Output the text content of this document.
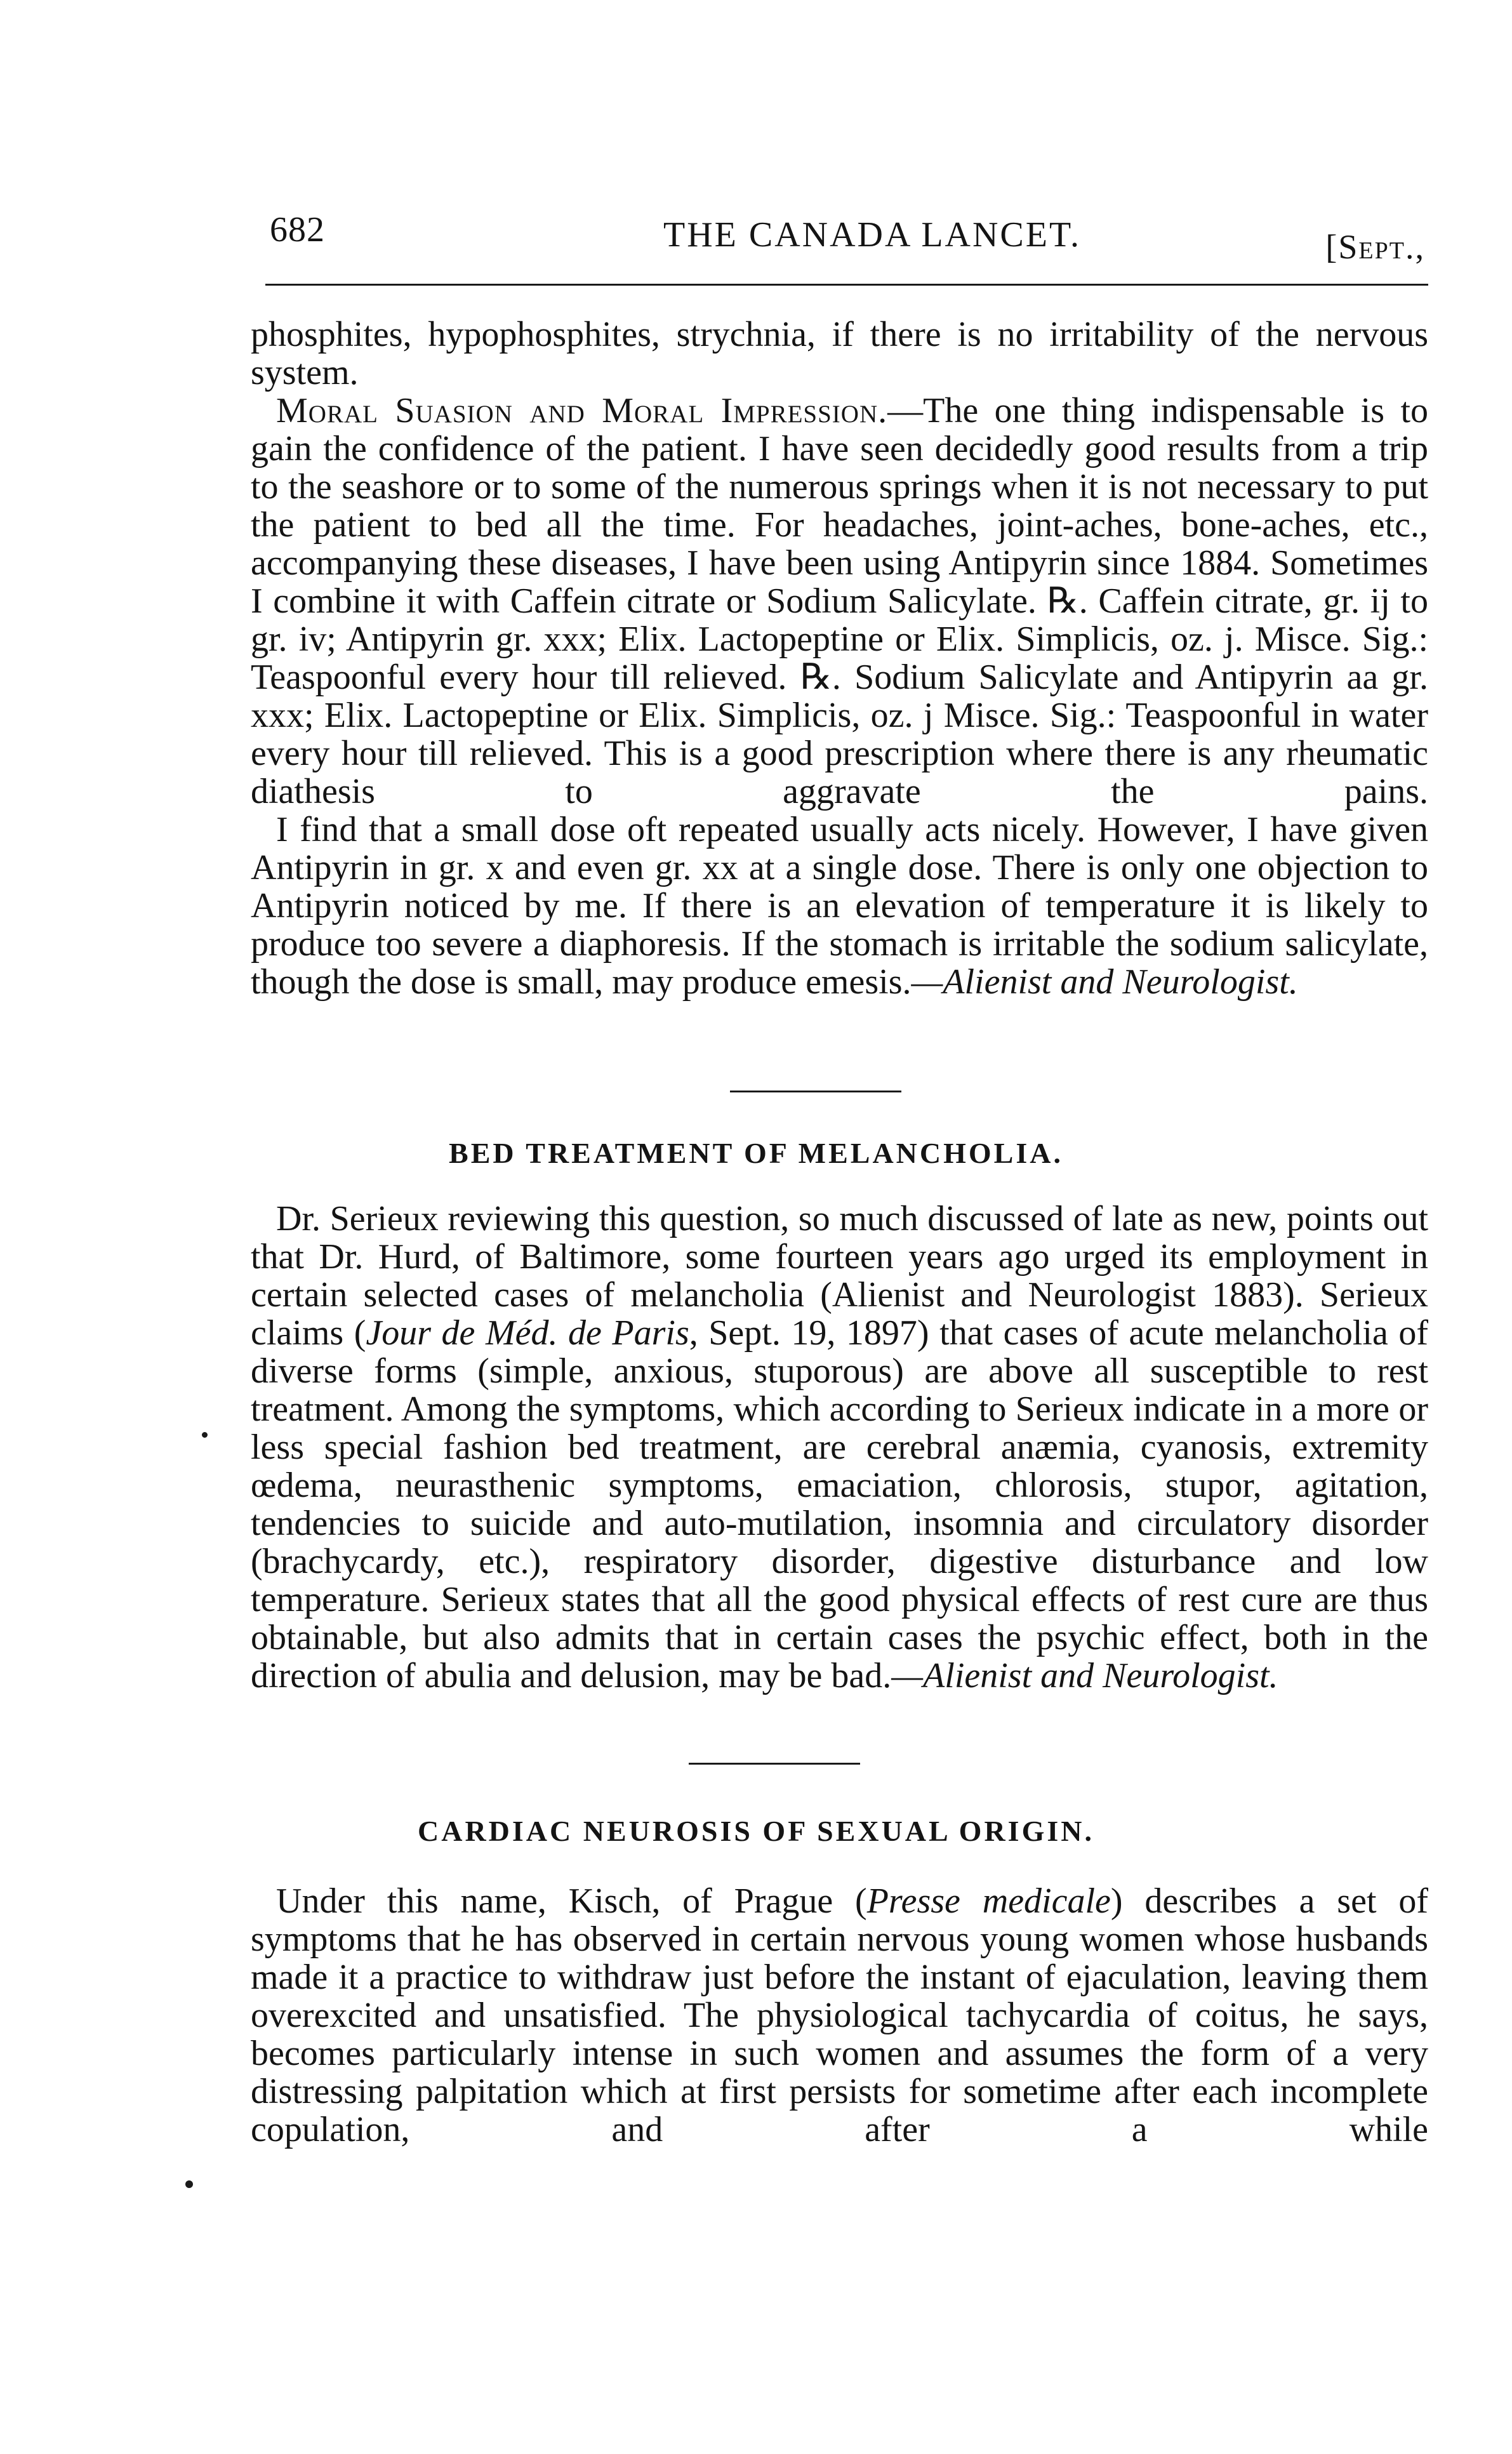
682	THE CANADA LANCET.	[Sept.,

phosphites, hypophosphites, strychnia, if there is no irritability of the nervous system.

Moral Suasion and Moral Impression.—The one thing indispensable is to gain the confidence of the patient. I have seen decidedly good results from a trip to the seashore or to some of the numerous springs when it is not necessary to put the patient to bed all the time. For headaches, joint-aches, bone-aches, etc., accompanying these diseases, I have been using Antipyrin since 1884. Sometimes I combine it with Caffein citrate or Sodium Salicylate. ℞. Caffein citrate, gr. ij to gr. iv; Antipyrin gr. xxx; Elix. Lactopeptine or Elix. Simplicis, oz. j. Misce. Sig.: Teaspoonful every hour till relieved. ℞. Sodium Salicylate and Antipyrin aa gr. xxx; Elix. Lactopeptine or Elix. Simplicis, oz. j Misce. Sig.: Teaspoonful in water every hour till relieved. This is a good prescription where there is any rheumatic diathesis to aggravate the pains.

I find that a small dose oft repeated usually acts nicely. However, I have given Antipyrin in gr. x and even gr. xx at a single dose. There is only one objection to Antipyrin noticed by me. If there is an elevation of temperature it is likely to produce too severe a diaphoresis. If the stomach is irritable the sodium salicylate, though the dose is small, may produce emesis.—Alienist and Neurologist.

BED TREATMENT OF MELANCHOLIA.

Dr. Serieux reviewing this question, so much discussed of late as new, points out that Dr. Hurd, of Baltimore, some fourteen years ago urged its employment in certain selected cases of melancholia (Alienist and Neurologist 1883). Serieux claims (Jour de Méd. de Paris, Sept. 19, 1897) that cases of acute melancholia of diverse forms (simple, anxious, stuporous) are above all susceptible to rest treatment. Among the symptoms, which according to Serieux indicate in a more or less special fashion bed treatment, are cerebral anæmia, cyanosis, extremity œdema, neurasthenic symptoms, emaciation, chlorosis, stupor, agitation, tendencies to suicide and auto-mutilation, insomnia and circulatory disorder (brachycardy, etc.), respiratory disorder, digestive disturbance and low temperature. Serieux states that all the good physical effects of rest cure are thus obtainable, but also admits that in certain cases the psychic effect, both in the direction of abulia and delusion, may be bad.—Alienist and Neurologist.

CARDIAC NEUROSIS OF SEXUAL ORIGIN.

Under this name, Kisch, of Prague (Presse medicale) describes a set of symptoms that he has observed in certain nervous young women whose husbands made it a practice to withdraw just before the instant of ejaculation, leaving them overexcited and unsatisfied. The physiological tachycardia of coitus, he says, becomes particularly intense in such women and assumes the form of a very distressing palpitation which at first persists for sometime after each incomplete copulation, and after a while
